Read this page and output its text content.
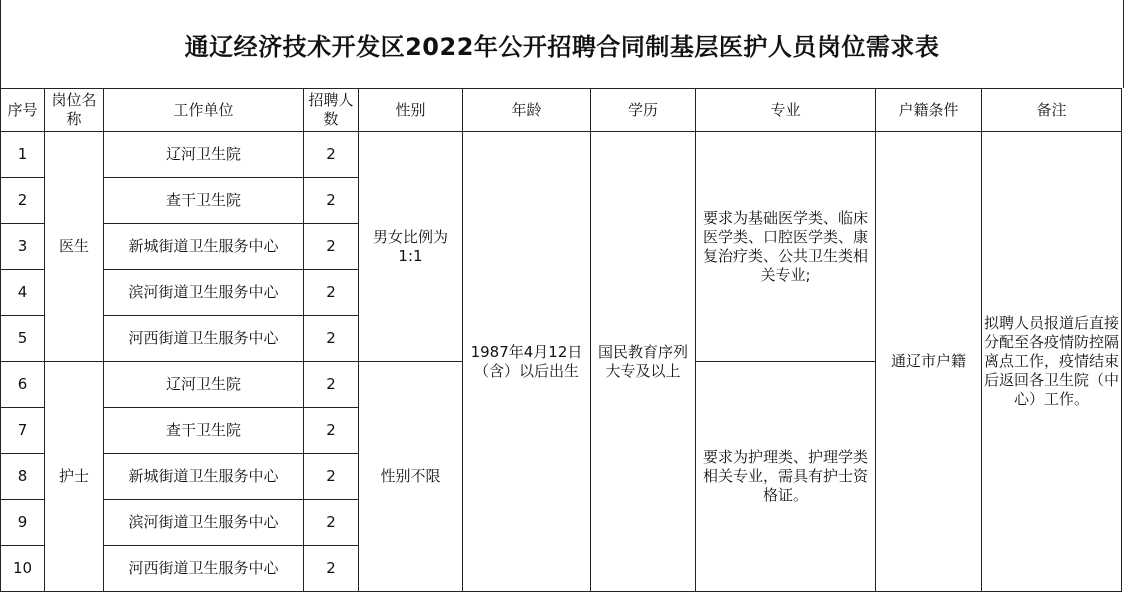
通辽经济技术开发区2022年公开招聘合同制基层医护人员岗位需求表
序号	岗位名称	工作单位	招聘人数	性别	年龄	学历	专业	户籍条件	备注
1	医生	辽河卫生院	2	男女比例为1:1	1987年4月12日（含）以后出生	国民教育序列大专及以上	要求为基础医学类、临床医学类、口腔医学类、康复治疗类、公共卫生类相关专业;	通辽市户籍	拟聘人员报道后直接分配至各疫情防控隔离点工作，疫情结束后返回各卫生院（中心）工作。
2		查干卫生院	2						
3		新城街道卫生服务中心	2						
4		滨河街道卫生服务中心	2						
5		河西街道卫生服务中心	2						
6	护士	辽河卫生院	2	性别不限			要求为护理类、护理学类相关专业，需具有护士资格证。		
7		查干卫生院	2						
8		新城街道卫生服务中心	2						
9		滨河街道卫生服务中心	2						
10		河西街道卫生服务中心	2						
